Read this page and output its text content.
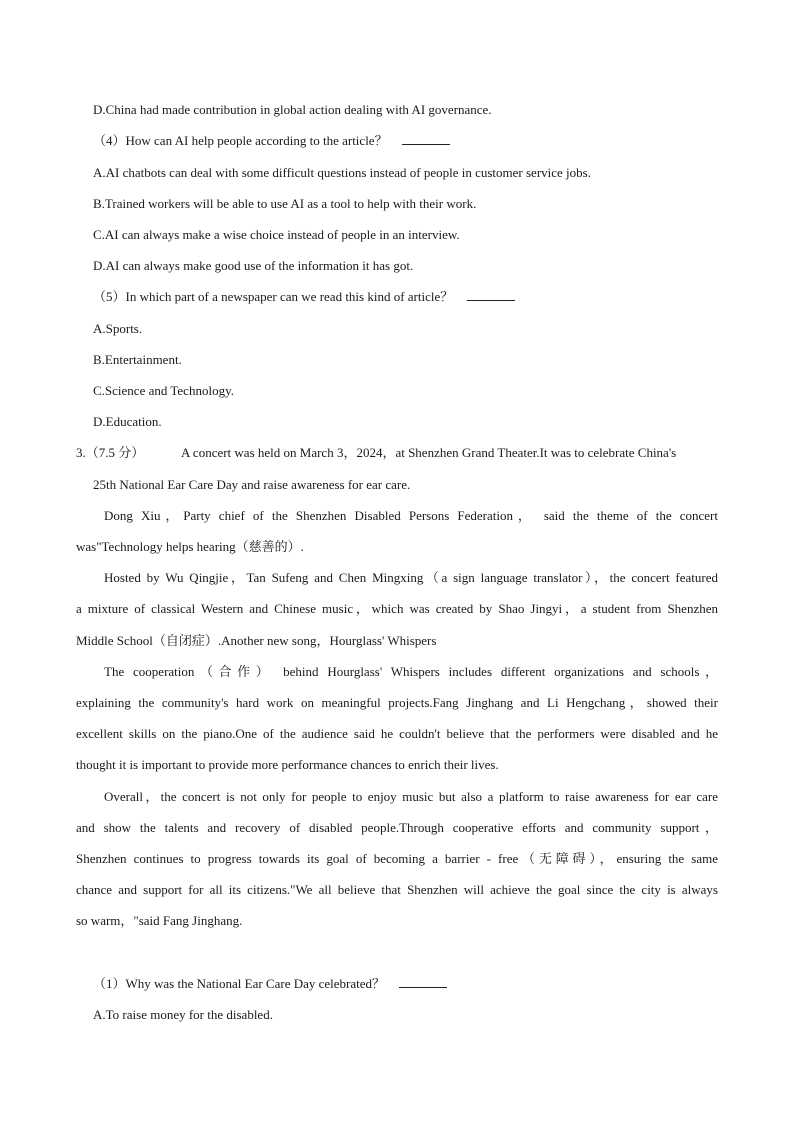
D.China had made contribution in global action dealing with AI governance.
（4）How can AI help people according to the article？
A.AI chatbots can deal with some difficult questions instead of people in customer service jobs.
B.Trained workers will be able to use AI as a tool to help with their work.
C.AI can always make a wise choice instead of people in an interview.
D.AI can always make good use of the information it has got.
（5）In which part of a newspaper can we read this kind of article？
A.Sports.
B.Entertainment.
C.Science and Technology.
D.Education.
3.（7.5 分）	A concert was held on March 3，2024，at Shenzhen Grand Theater.It was to celebrate China's
25th National Ear Care Day and raise awareness for ear care.
Dong Xiu，Party chief of the Shenzhen Disabled Persons Federation， said the theme of the concert
was"Technology helps hearing（慈善的）.
Hosted by Wu Qingjie，Tan Sufeng and Chen Mingxing（a sign language translator），the concert featured
a mixture of classical Western and Chinese music，which was created by Shao Jingyi，a student from Shenzhen
Middle School（自闭症）.Another new song，Hourglass' Whispers
The cooperation（合作） behind Hourglass' Whispers includes different organizations and schools，
explaining the community's hard work on meaningful projects.Fang Jinghang and Li Hengchang，showed their
excellent skills on the piano.One of the audience said he couldn't believe that the performers were disabled and he
thought it is important to provide more performance chances to enrich their lives.
Overall，the concert is not only for people to enjoy music but also a platform to raise awareness for ear care
and show the talents and recovery of disabled people.Through cooperative efforts and community support，
Shenzhen continues to progress towards its goal of becoming a barrier - free（无障碍），ensuring the same
chance and support for all its citizens."We all believe that Shenzhen will achieve the goal since the city is always
so warm，"said Fang Jinghang.
（1）Why was the National Ear Care Day celebrated？
A.To raise money for the disabled.
